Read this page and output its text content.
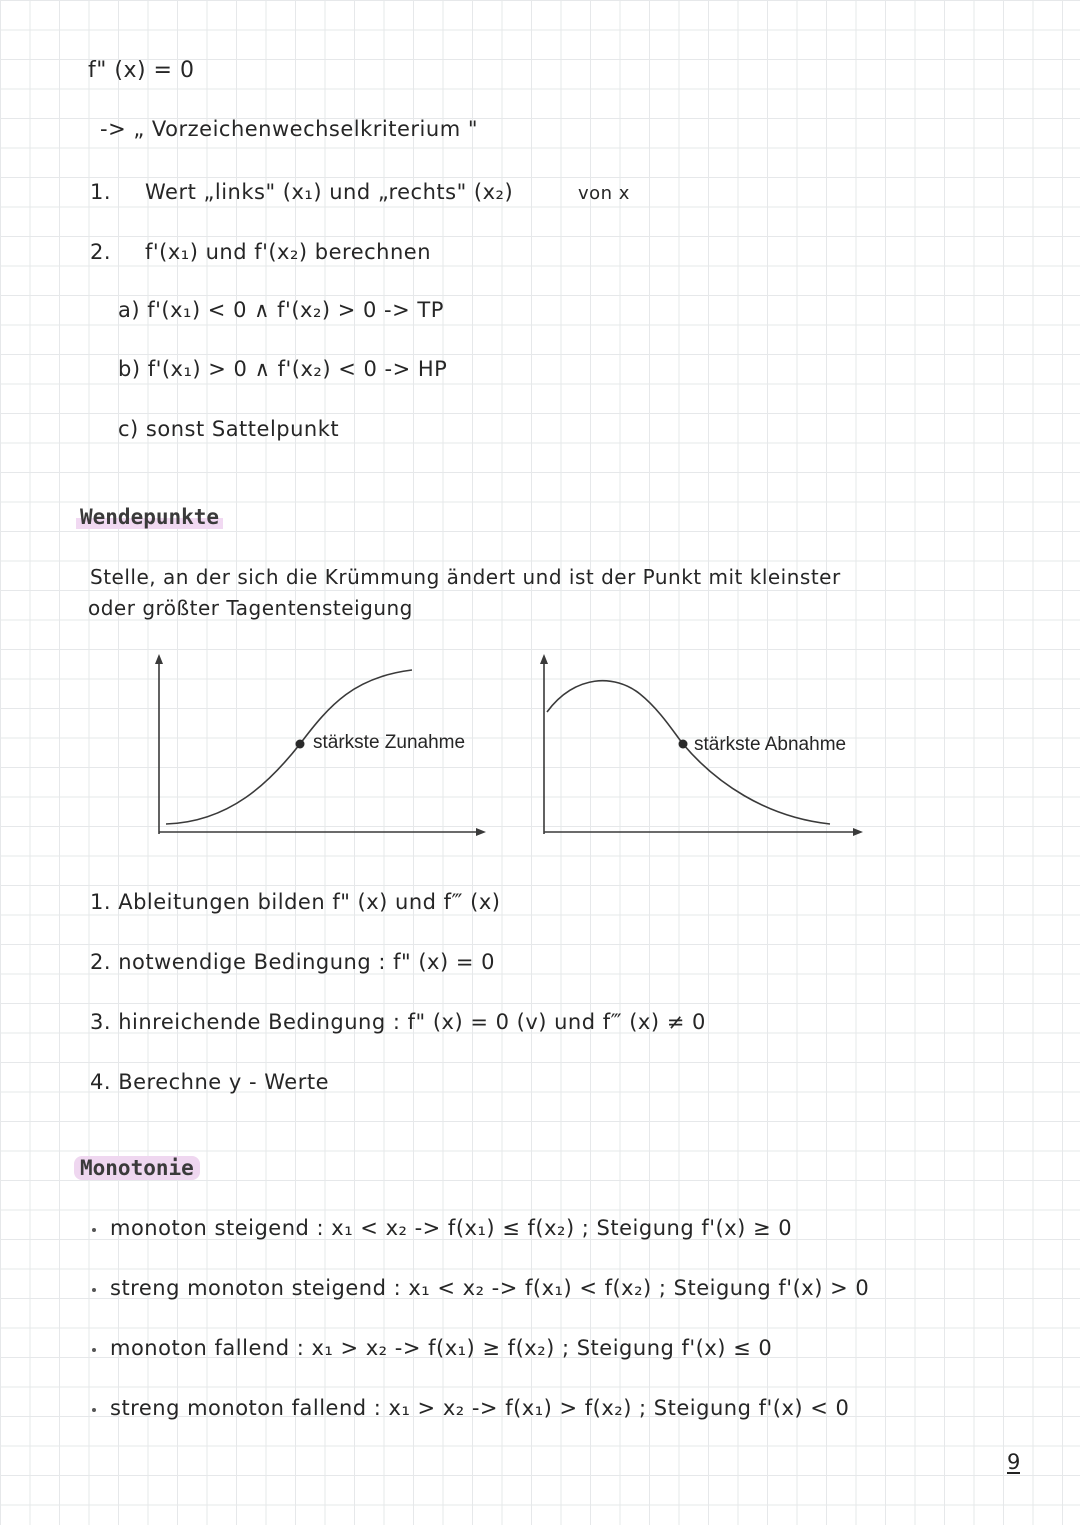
f" (x) = 0
-> „ Vorzeichenwechselkriterium "
1. Wert „links" (x₁) und „rechts" (x₂)	von x
2. f'(x₁) und f'(x₂) berechnen
a) f'(x₁) < 0 ∧ f'(x₂) > 0 -> TP
b) f'(x₁) > 0 ∧ f'(x₂) < 0 -> HP
c) sonst Sattelpunkt
Wendepunkte
Stelle, an der sich die Krümmung ändert und ist der Punkt mit kleinster
oder größter Tagentensteigung
stärkste Zunahme	stärkste Abnahme
1. Ableitungen bilden f" (x) und f‴ (x)
2. notwendige Bedingung : f" (x) = 0
3. hinreichende Bedingung : f" (x) = 0 (v) und f‴ (x) ≠ 0
4. Berechne y - Werte
Monotonie
monoton steigend : x₁ < x₂ -> f(x₁) ≤ f(x₂) ; Steigung f'(x) ≥ 0
streng monoton steigend : x₁ < x₂ -> f(x₁) < f(x₂) ; Steigung f'(x) > 0
monoton fallend : x₁ > x₂ -> f(x₁) ≥ f(x₂) ; Steigung f'(x) ≤ 0
streng monoton fallend : x₁ > x₂ -> f(x₁) > f(x₂) ; Steigung f'(x) < 0
9
